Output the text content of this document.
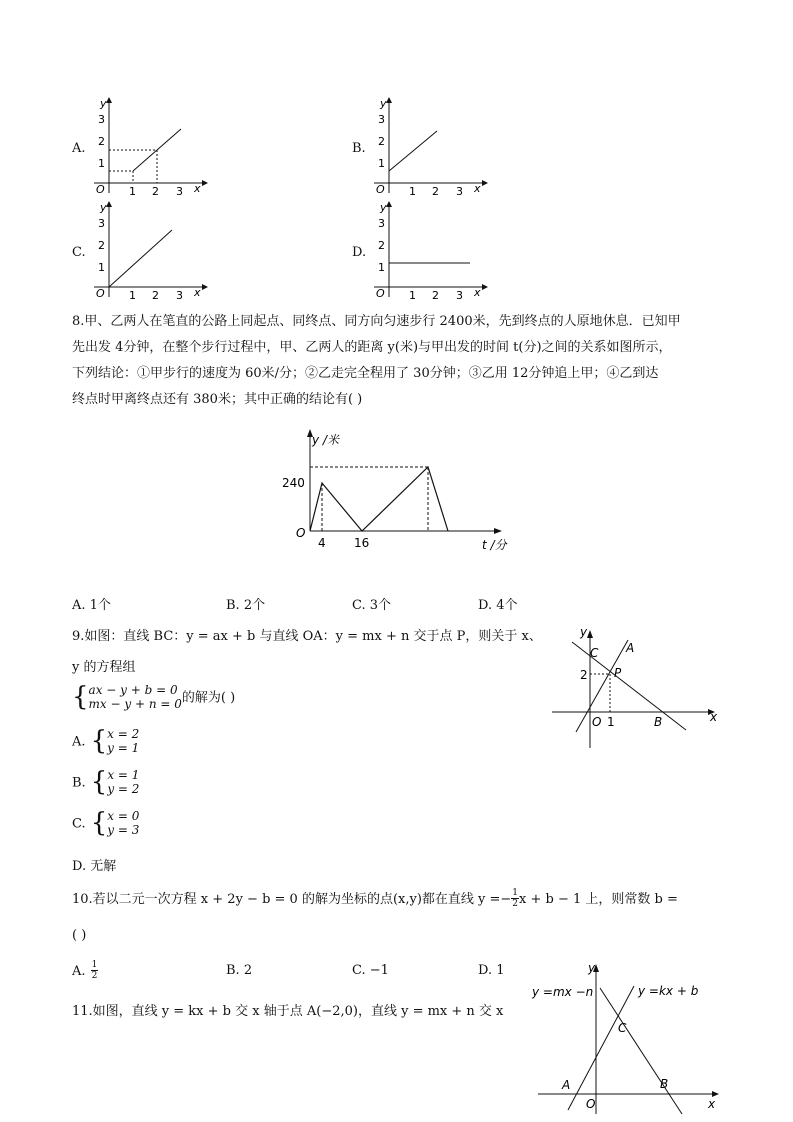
A.
y
x
O
1
2
3
1 2 3
B.
y
x
O
1
2
3
1 2 3
C.
y
x
O
1
2
3
1 2 3
D.
y
x
O
1
2
3
1 2 3
8.甲、乙两人在笔直的公路上同起点、同终点、同方向匀速步行 2400米，先到终点的人原地休息．已知甲
先出发 4分钟，在整个步行过程中，甲、乙两人的距离 y(米)与甲出发的时间 t(分)之间的关系如图所示，
下列结论：①甲步行的速度为 60米/分；②乙走完全程用了 30分钟；③乙用 12分钟追上甲；④乙到达
终点时甲离终点还有 380米；其中正确的结论有( )
y /米
t /分
O
240
4 16
A. 1个	B. 2个	C. 3个	D. 4个
9.如图：直线 BC：y = ax + b 与直线 OA：y = mx + n 交于点 P，则关于 x、
y 的方程组
{ ax − y + b = 0
mx − y + n = 0 的解为( )
A. { x = 2
y = 1
B. { x = 1
y = 2
C. { x = 0
y = 3
D. 无解
y
x
O
C A
P
B
2
1
10.若以二元一次方程 x + 2y − b = 0 的解为坐标的点(x,y)都在直线 $y =- \frac{1}{2}$ x + b − 1 上，则常数 b =
( )
A. $\frac{1}{2}$	B. 2	C. −1	D. 1
11.如图，直线 y = kx + b 交 x 轴于点 A(−2,0)，直线 y = mx + n 交 x
y
x
O
y =mx −n	y =kx + b
A	B
C
